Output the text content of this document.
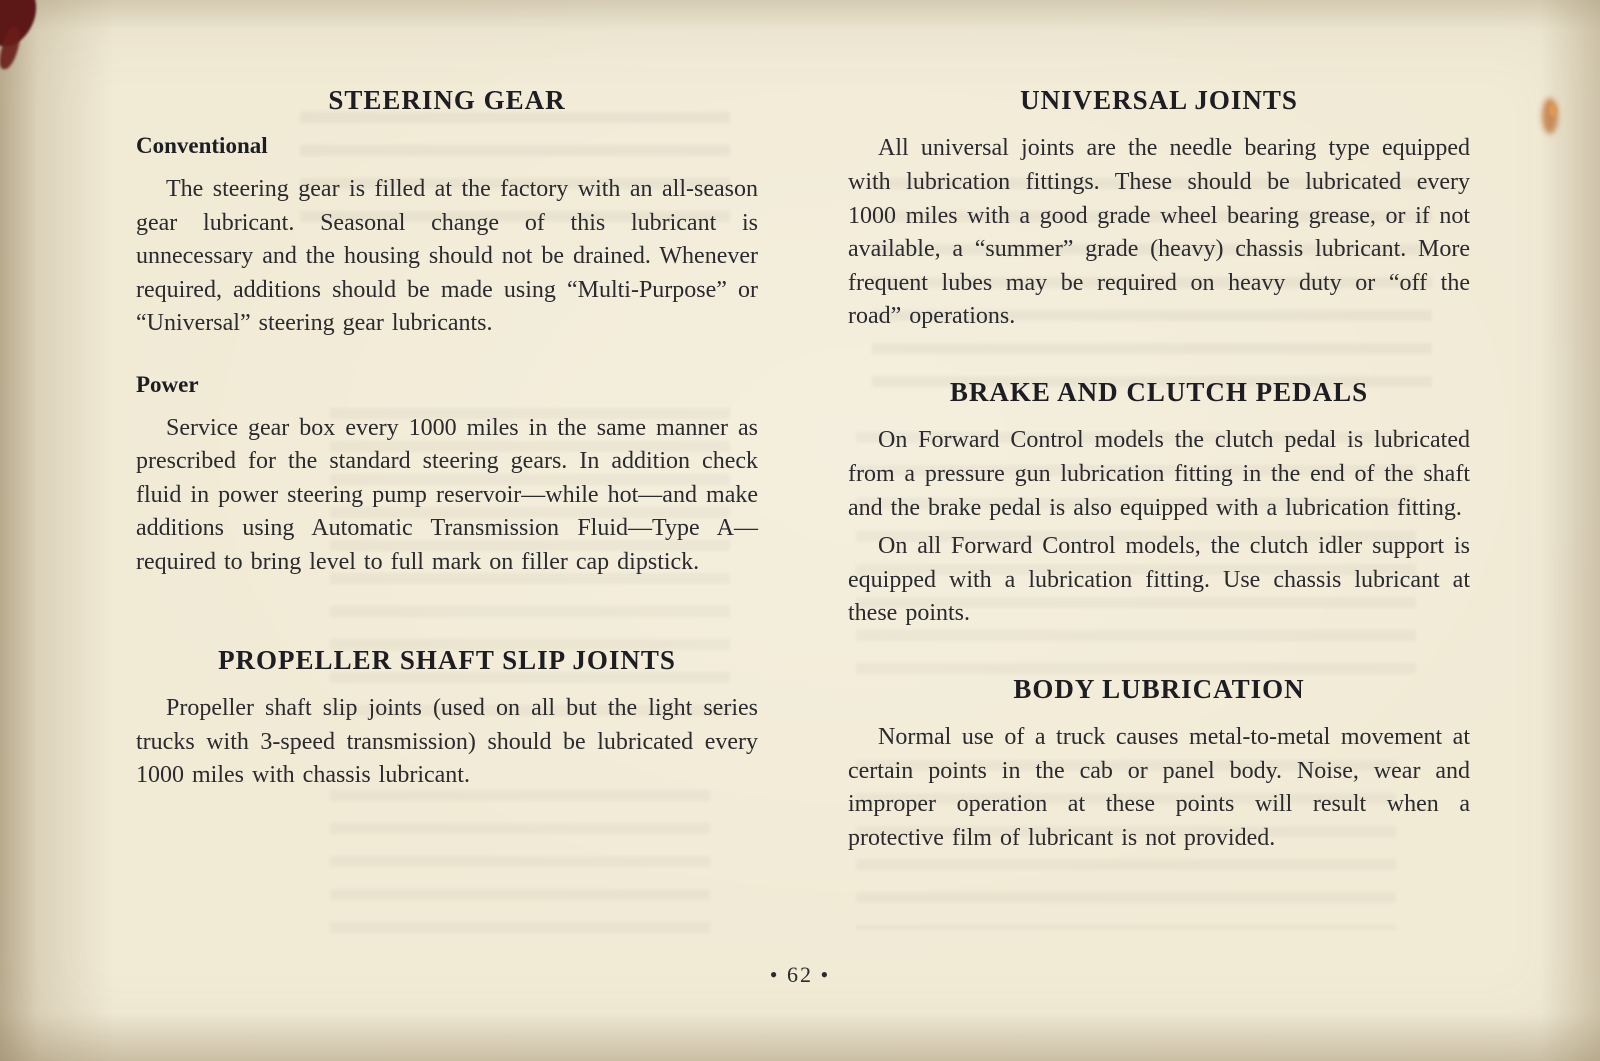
STEERING GEAR
Conventional

The steering gear is filled at the factory with an all-season gear lubricant. Seasonal change of this lubricant is unnecessary and the housing should not be drained. Whenever required, additions should be made using “Multi-Purpose” or “Universal” steering gear lubricants.

Power

Service gear box every 1000 miles in the same manner as prescribed for the standard steering gears. In addition check fluid in power steering pump reservoir—while hot—and make additions using Automatic Transmission Fluid—Type A—required to bring level to full mark on filler cap dipstick.

PROPELLER SHAFT SLIP JOINTS

Propeller shaft slip joints (used on all but the light series trucks with 3-speed transmission) should be lubricated every 1000 miles with chassis lubricant.

UNIVERSAL JOINTS

All universal joints are the needle bearing type equipped with lubrication fittings. These should be lubricated every 1000 miles with a good grade wheel bearing grease, or if not available, a “summer” grade (heavy) chassis lubricant. More frequent lubes may be required on heavy duty or “off the road” operations.

BRAKE AND CLUTCH PEDALS

On Forward Control models the clutch pedal is lubricated from a pressure gun lubrication fitting in the end of the shaft and the brake pedal is also equipped with a lubrication fitting.

On all Forward Control models, the clutch idler support is equipped with a lubrication fitting. Use chassis lubricant at these points.

BODY LUBRICATION

Normal use of a truck causes metal-to-metal movement at certain points in the cab or panel body. Noise, wear and improper operation at these points will result when a protective film of lubricant is not provided.

• 62 •
